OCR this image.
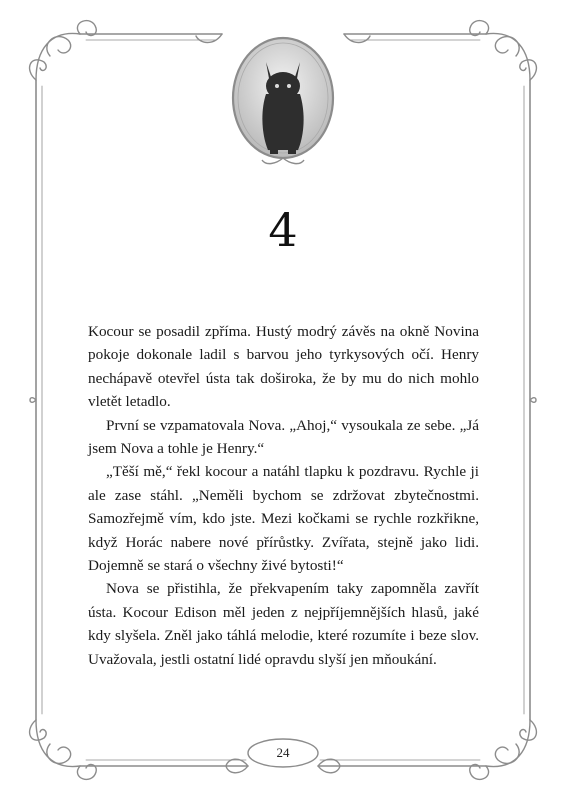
4

Kocour se posadil zpříma. Hustý modrý závěs na okně Novina pokoje dokonale ladil s barvou jeho tyrkysových očí. Henry nechápavě otevřel ústa tak doširoka, že by mu do nich mohlo vletět letadlo.

První se vzpamatovala Nova. „Ahoj,“ vysoukala ze sebe. „Já jsem Nova a tohle je Henry.“

„Těší mě,“ řekl kocour a natáhl tlapku k pozdravu. Rychle ji ale zase stáhl. „Neměli bychom se zdržovat zbytečnostmi. Samozřejmě vím, kdo jste. Mezi kočkami se rychle rozkřikne, když Horác nabere nové přírůstky. Zvířata, stejně jako lidi. Dojemně se stará o všechny živé bytosti!“

Nova se přistihla, že překvapením taky zapomněla zavřít ústa. Kocour Edison měl jeden z nejpříjemnějších hlasů, jaké kdy slyšela. Zněl jako táhlá melodie, které rozumíte i beze slov. Uvažovala, jestli ostatní lidé opravdu slyší jen mňoukání.

24
